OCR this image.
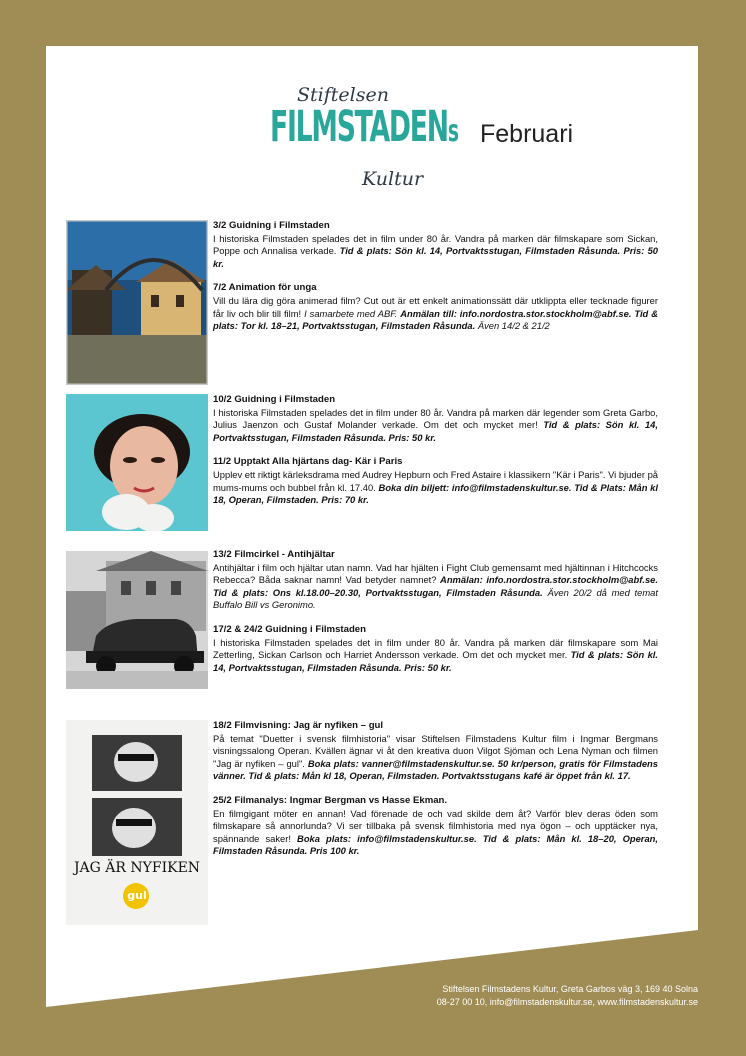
Stiftelsen
FILMSTADENs
Kultur
Februari
JAG ÄR NYFIKEN
gul
3/2 Guidning i Filmstaden

I historiska Filmstaden spelades det in film under 80 år. Vandra på marken där filmskapare som Sickan, Poppe och Annalisa verkade. Tid & plats: Sön kl. 14, Portvaktsstugan, Filmstaden Råsunda. Pris: 50 kr.

7/2 Animation för unga

Vill du lära dig göra animerad film? Cut out är ett enkelt animationssätt där utklippta eller tecknade figurer får liv och blir till film! I samarbete med ABF. Anmälan till: info.nordostra.stor.stockholm@abf.se. Tid & plats: Tor kl. 18–21, Portvaktsstugan, Filmstaden Råsunda. Även 14/2 & 21/2

10/2 Guidning i Filmstaden

I historiska Filmstaden spelades det in film under 80 år. Vandra på marken där legender som Greta Garbo, Julius Jaenzon och Gustaf Molander verkade. Om det och mycket mer! Tid & plats: Sön kl. 14, Portvaktsstugan, Filmstaden Råsunda. Pris: 50 kr.

11/2 Upptakt Alla hjärtans dag- Kär i Paris

Upplev ett riktigt kärleksdrama med Audrey Hepburn och Fred Astaire i klassikern "Kär i Paris". Vi bjuder på mums-mums och bubbel från kl. 17.40. Boka din biljett: info@filmstadenskultur.se. Tid & Plats: Mån kl 18, Operan, Filmstaden. Pris: 70 kr.

13/2 Filmcirkel - Antihjältar

Antihjältar i film och hjältar utan namn. Vad har hjälten i Fight Club gemensamt med hjältinnan i Hitchcocks Rebecca? Båda saknar namn! Vad betyder namnet? Anmälan: info.nordostra.stor.stockholm@abf.se. Tid & plats: Ons kl.18.00–20.30, Portvaktsstugan, Filmstaden Råsunda. Även 20/2 då med temat Buffalo Bill vs Geronimo.

17/2 & 24/2 Guidning i Filmstaden

I historiska Filmstaden spelades det in film under 80 år. Vandra på marken där filmskapare som Mai Zetterling, Sickan Carlson och Harriet Andersson verkade. Om det och mycket mer. Tid & plats: Sön kl. 14, Portvaktsstugan, Filmstaden Råsunda. Pris: 50 kr.

18/2 Filmvisning: Jag är nyfiken – gul

På temat "Duetter i svensk filmhistoria" visar Stiftelsen Filmstadens Kultur film i Ingmar Bergmans visningssalong Operan. Kvällen ägnar vi åt den kreativa duon Vilgot Sjöman och Lena Nyman och filmen "Jag är nyfiken – gul". Boka plats: vanner@filmstadenskultur.se. 50 kr/person, gratis för Filmstadens vänner. Tid & plats: Mån kl 18, Operan, Filmstaden. Portvaktsstugans kafé är öppet från kl. 17.

25/2 Filmanalys: Ingmar Bergman vs Hasse Ekman.

En filmgigant möter en annan! Vad förenade de och vad skilde dem åt? Varför blev deras öden som filmskapare så annorlunda? Vi ser tillbaka på svensk filmhistoria med nya ögon – och upptäcker nya, spännande saker! Boka plats: info@filmstadenskultur.se. Tid & plats: Mån kl. 18–20, Operan, Filmstaden Råsunda. Pris 100 kr.

Stiftelsen Filmstadens Kultur, Greta Garbos väg 3, 169 40 Solna
08-27 00 10, info@filmstadenskultur.se, www.filmstadenskultur.se
